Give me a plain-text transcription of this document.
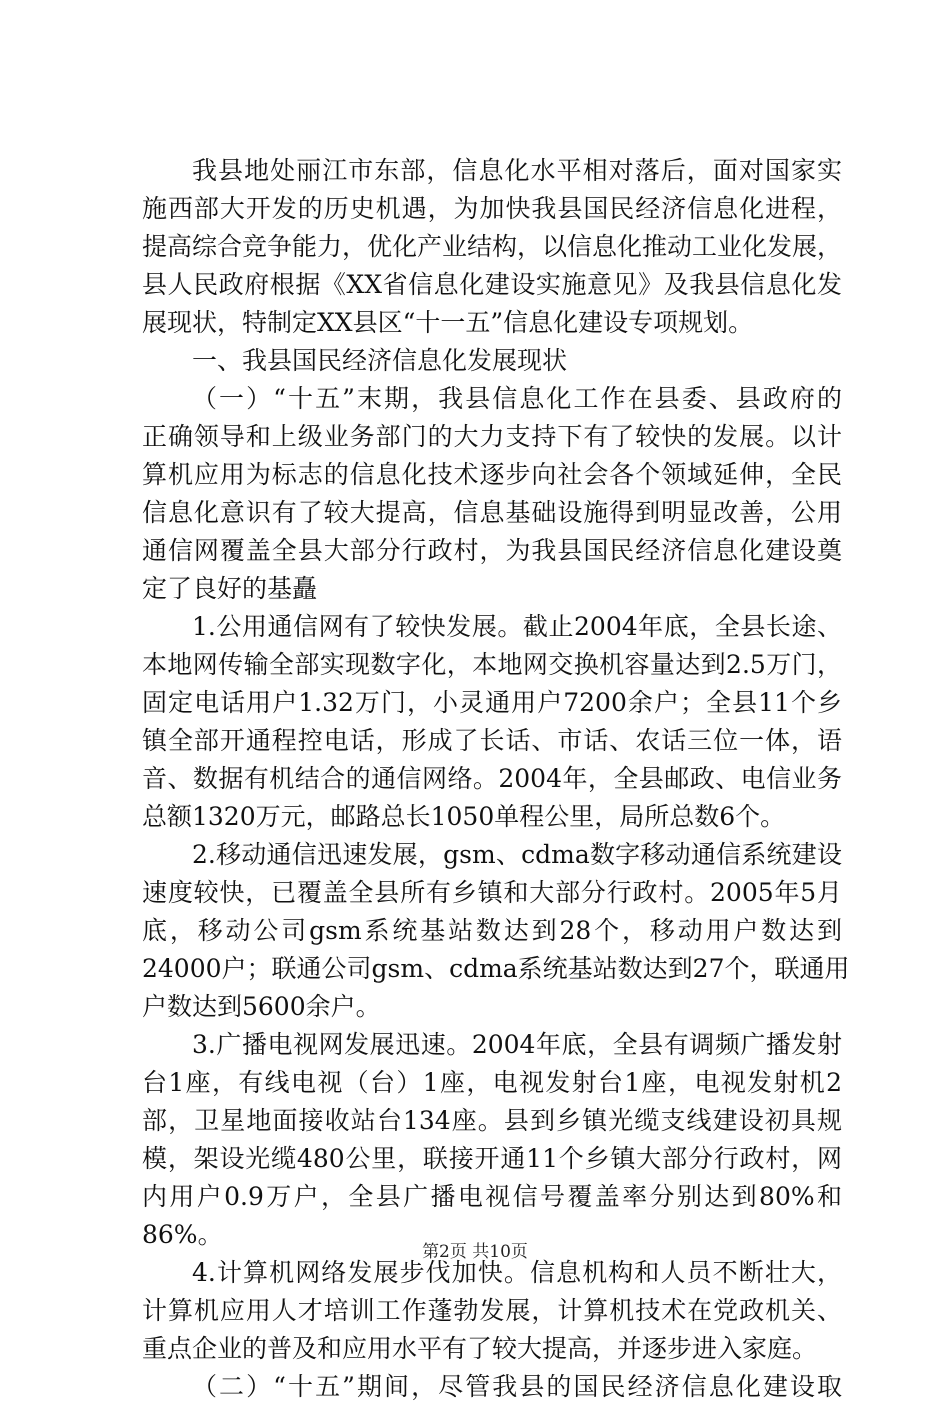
我县地处丽江市东部，信息化水平相对落后，面对国家实
施西部大开发的历史机遇，为加快我县国民经济信息化进程，
提高综合竞争能力，优化产业结构，以信息化推动工业化发展，
县人民政府根据《XX省信息化建设实施意见》及我县信息化发
展现状，特制定XX县区“十一五”信息化建设专项规划。
一、我县国民经济信息化发展现状
（一）“十五”末期，我县信息化工作在县委、县政府的
正确领导和上级业务部门的大力支持下有了较快的发展。以计
算机应用为标志的信息化技术逐步向社会各个领域延伸，全民
信息化意识有了较大提高，信息基础设施得到明显改善，公用
通信网覆盖全县大部分行政村，为我县国民经济信息化建设奠
定了良好的基矗
1.公用通信网有了较快发展。截止2004年底，全县长途、
本地网传输全部实现数字化，本地网交换机容量达到2.5万门，
固定电话用户1.32万门，小灵通用户7200余户；全县11个乡
镇全部开通程控电话，形成了长话、市话、农话三位一体，语
音、数据有机结合的通信网络。2004年，全县邮政、电信业务
总额1320万元，邮路总长1050单程公里，局所总数6个。
2.移动通信迅速发展，gsm、cdma数字移动通信系统建设
速度较快，已覆盖全县所有乡镇和大部分行政村。2005年5月
底，移动公司gsm系统基站数达到28个，移动用户数达到
24000户；联通公司gsm、cdma系统基站数达到27个，联通用
户数达到5600余户。
3.广播电视网发展迅速。2004年底，全县有调频广播发射
台1座，有线电视（台）1座，电视发射台1座，电视发射机2
部，卫星地面接收站台134座。县到乡镇光缆支线建设初具规
模，架设光缆480公里，联接开通11个乡镇大部分行政村，网
内用户0.9万户，全县广播电视信号覆盖率分别达到80%和
86%。
4.计算机网络发展步伐加快。信息机构和人员不断壮大，
计算机应用人才培训工作蓬勃发展，计算机技术在党政机关、
重点企业的普及和应用水平有了较大提高，并逐步进入家庭。
（二）“十五”期间，尽管我县的国民经济信息化建设取
第2页 共10页
